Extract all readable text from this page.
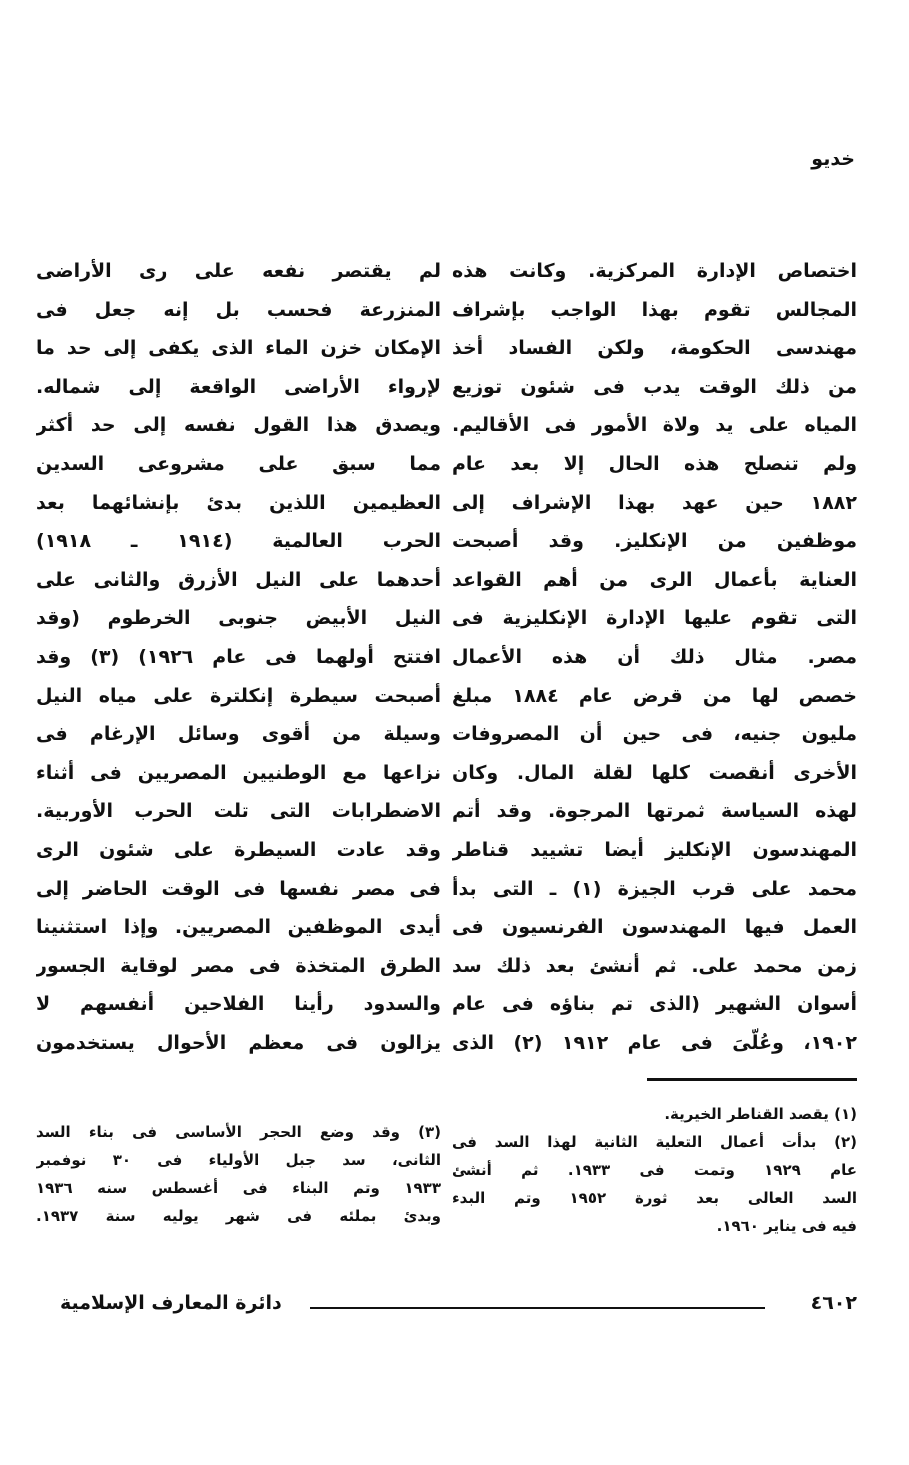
خديو
اختصاص الإدارة المركزية. وكانت هذه
المجالس تقوم بهذا الواجب بإشراف
مهندسى الحكومة، ولكن الفساد أخذ
من ذلك الوقت يدب فى شئون توزيع
المياه على يد ولاة الأمور فى الأقاليم.
ولم تنصلح هذه الحال إلا بعد عام
١٨٨٢ حين عهد بهذا الإشراف إلى
موظفين من الإنكليز. وقد أصبحت
العناية بأعمال الرى من أهم القواعد
التى تقوم عليها الإدارة الإنكليزية فى
مصر. مثال ذلك أن هذه الأعمال
خصص لها من قرض عام ١٨٨٤ مبلغ
مليون جنيه، فى حين أن المصروفات
الأخرى أنقصت كلها لقلة المال. وكان
لهذه السياسة ثمرتها المرجوة. وقد أتم
المهندسون الإنكليز أيضا تشييد قناطر
محمد على قرب الجيزة (١) ـ التى بدأ
العمل فيها المهندسون الفرنسيون فى
زمن محمد على. ثم أنشئ بعد ذلك سد
أسوان الشهير (الذى تم بناؤه فى عام
١٩٠٢، وعُلّىَ فى عام ١٩١٢ (٢) الذى
لم يقتصر نفعه على رى الأراضى
المنزرعة فحسب بل إنه جعل فى
الإمكان خزن الماء الذى يكفى إلى حد ما
لإرواء الأراضى الواقعة إلى شماله.
ويصدق هذا القول نفسه إلى حد أكثر
مما سبق على مشروعى السدين
العظيمين اللذين بدئ بإنشائهما بعد
الحرب العالمية (١٩١٤ ـ ١٩١٨)
أحدهما على النيل الأزرق والثانى على
النيل الأبيض جنوبى الخرطوم (وقد
افتتح أولهما فى عام ١٩٢٦) (٣) وقد
أصبحت سيطرة إنكلترة على مياه النيل
وسيلة من أقوى وسائل الإرغام فى
نزاعها مع الوطنيين المصريين فى أثناء
الاضطرابات التى تلت الحرب الأوربية.
وقد عادت السيطرة على شئون الرى
فى مصر نفسها فى الوقت الحاضر إلى
أيدى الموظفين المصريين. وإذا استثنينا
الطرق المتخذة فى مصر لوقاية الجسور
والسدود رأينا الفلاحين أنفسهم لا
يزالون فى معظم الأحوال يستخدمون
(١) يقصد القناطر الخيرية.
(٢) بدأت أعمال التعلية الثانية لهذا السد فى
عام ١٩٢٩ وتمت فى ١٩٣٣. ثم أنشئ
السد العالى بعد ثورة ١٩٥٢ وتم البدء
فيه فى يناير ١٩٦٠.
(٣) وقد وضع الحجر الأساسى فى بناء السد
الثانى، سد جبل الأولياء فى ٣٠ نوفمبر
١٩٣٣ وتم البناء فى أغسطس سنه ١٩٣٦
وبدئ بملئه فى شهر يوليه سنة ١٩٣٧.
٤٦٠٢
دائرة المعارف الإسلامية
